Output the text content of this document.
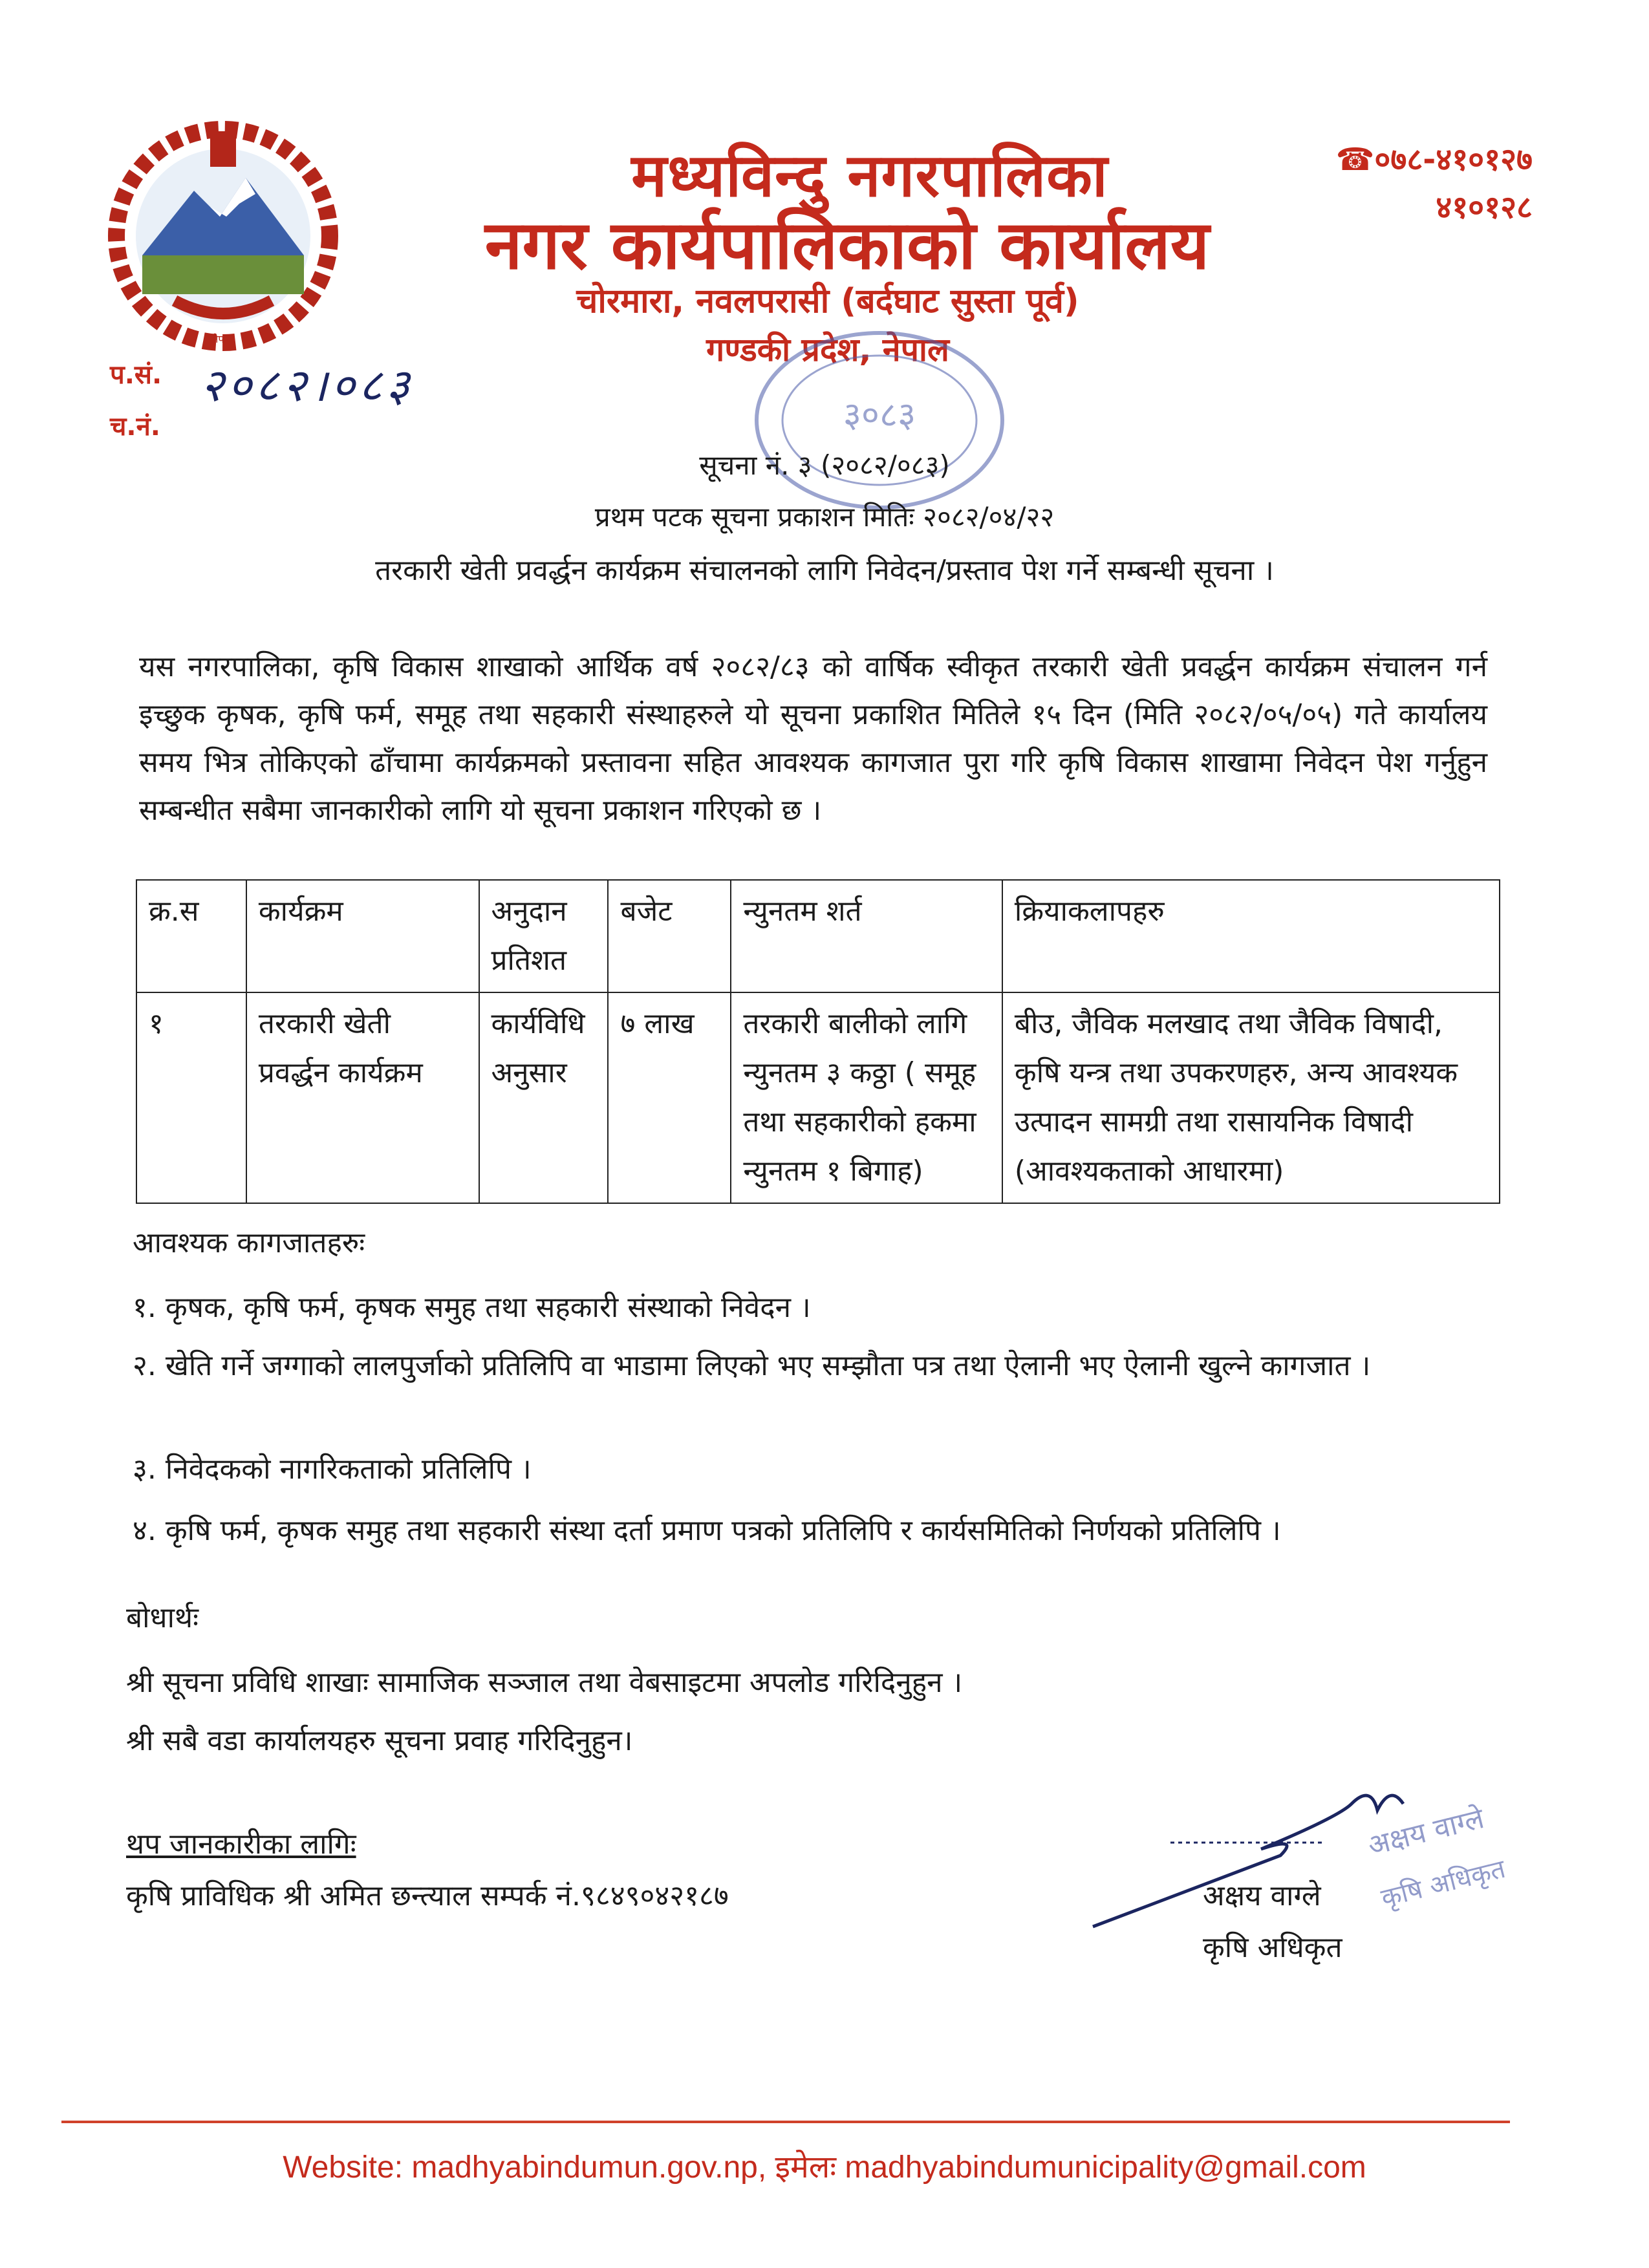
नेपाल
मध्यविन्दु नगरपालिका
नगर कार्यपालिकाको कार्यालय
चोरमारा, नवलपरासी (बर्दघाट सुस्ता पूर्व)
गण्डकी प्रदेश, नेपाल
☎०७८-४१०१२७
४१०१२८
प.सं.
च.नं.
२०८२।०८३
३०८३
सूचना नं. ३ (२०८२/०८३)
प्रथम पटक सूचना प्रकाशन मितिः २०८२/०४/२२
तरकारी खेती प्रवर्द्धन कार्यक्रम संचालनको लागि निवेदन/प्रस्ताव पेश गर्ने सम्बन्धी सूचना ।
यस नगरपालिका, कृषि विकास शाखाको आर्थिक वर्ष २०८२/८३ को वार्षिक स्वीकृत तरकारी खेती प्रवर्द्धन कार्यक्रम संचालन गर्न इच्छुक कृषक, कृषि फर्म, समूह तथा सहकारी संस्थाहरुले यो सूचना प्रकाशित मितिले १५ दिन (मिति २०८२/०५/०५) गते कार्यालय समय भित्र तोकिएको ढाँचामा कार्यक्रमको प्रस्तावना सहित आवश्यक कागजात पुरा गरि कृषि विकास शाखामा निवेदन पेश गर्नुहुन सम्बन्धीत सबैमा जानकारीको लागि यो सूचना प्रकाशन गरिएको छ ।
क्र.स	कार्यक्रम	अनुदान प्रतिशत	बजेट	न्युनतम शर्त	क्रियाकलापहरु
१	तरकारी खेती प्रवर्द्धन कार्यक्रम	कार्यविधि अनुसार	७ लाख	तरकारी बालीको लागि न्युनतम ३ कठ्ठा ( समूह तथा सहकारीको हकमा न्युनतम १ बिगाह)	बीउ, जैविक मलखाद तथा जैविक विषादी, कृषि यन्त्र तथा उपकरणहरु, अन्य आवश्यक उत्पादन सामग्री तथा रासायनिक विषादी (आवश्यकताको आधारमा)
आवश्यक कागजातहरुः
१. कृषक, कृषि फर्म, कृषक समुह तथा सहकारी संस्थाको निवेदन ।
२. खेति गर्ने जग्गाको लालपुर्जाको प्रतिलिपि वा भाडामा लिएको भए सम्झौता पत्र तथा ऐलानी भए ऐलानी खुल्ने कागजात ।
३. निवेदकको नागरिकताको प्रतिलिपि ।
४. कृषि फर्म, कृषक समुह तथा सहकारी संस्था दर्ता प्रमाण पत्रको प्रतिलिपि र कार्यसमितिको निर्णयको प्रतिलिपि ।
बोधार्थः
श्री सूचना प्रविधि शाखाः सामाजिक सञ्जाल तथा वेबसाइटमा अपलोड गरिदिनुहुन ।
श्री सबै वडा कार्यालयहरु सूचना प्रवाह गरिदिनुहुन।
थप जानकारीका लागिः
कृषि प्राविधिक श्री अमित छन्त्याल सम्पर्क नं.९८४९०४२१८७
अक्षय वाग्ले
कृषि अधिकृत
अक्षय वाग्ले
कृषि अधिकृत
Website: madhyabindumun.gov.np, इमेलः madhyabindumunicipality@gmail.com
